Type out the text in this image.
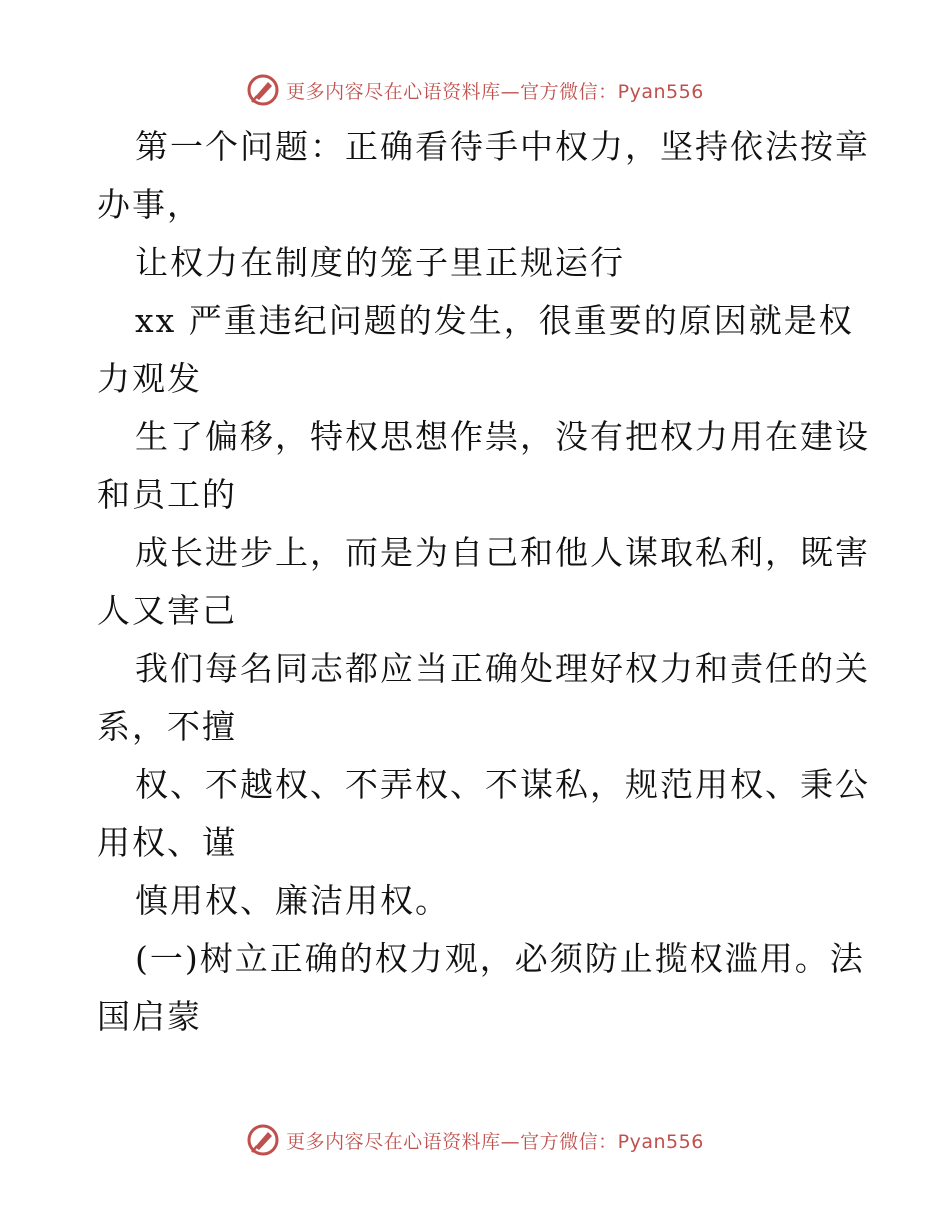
更多内容尽在心语资料库—官方微信：Pyan556
第一个问题：正确看待手中权力，坚持依法按章
办事，
让权力在制度的笼子里正规运行
xx 严重违纪问题的发生，很重要的原因就是权
力观发
生了偏移，特权思想作祟，没有把权力用在建设
和员工的
成长进步上，而是为自己和他人谋取私利，既害
人又害己
我们每名同志都应当正确处理好权力和责任的关
系，不擅
权、不越权、不弄权、不谋私，规范用权、秉公
用权、谨
慎用权、廉洁用权。
(一)树立正确的权力观，必须防止揽权滥用。法
国启蒙
更多内容尽在心语资料库—官方微信：Pyan556
